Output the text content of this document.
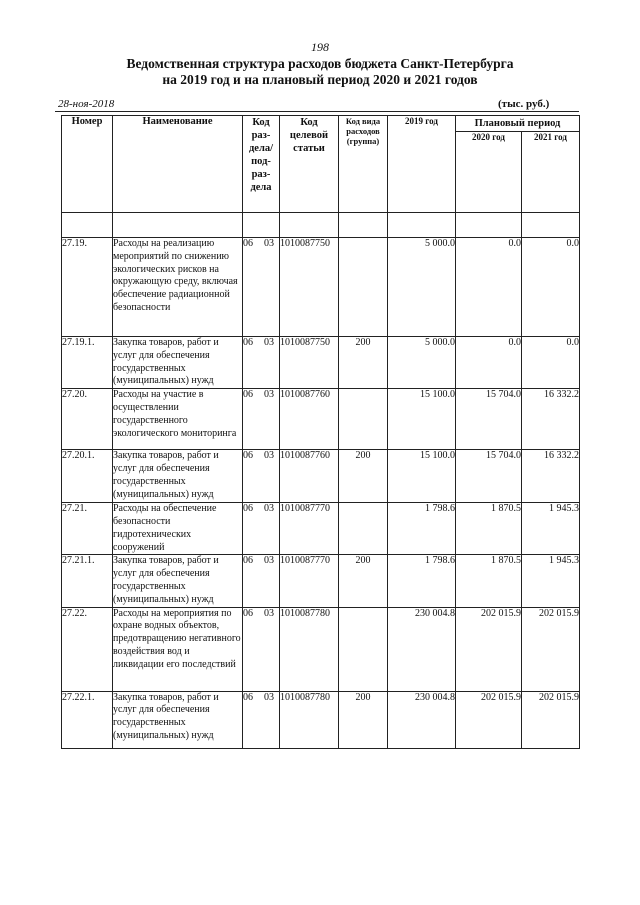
198
Ведомственная структура расходов бюджета Санкт-Петербурга
на 2019 год и на плановый период 2020 и 2021 годов
28-ноя-2018	(тыс. руб.)
Номер	Наименование	Код раз- дела/ под- раз- дела	Код целевой статьи	Код вида расходов (группа)	2019 год	Плановый период	
						2020 год	2021 год

27.19.	Расходы на реализацию мероприятий по снижению экологических рисков на окружающую среду, включая обеспечение радиационной безопасности	06 03	1010087750		5 000.0	0.0	0.0
27.19.1.	Закупка товаров, работ и услуг для обеспечения государственных (муниципальных) нужд	06 03	1010087750	200	5 000.0	0.0	0.0
27.20.	Расходы на участие в осуществлении государственного экологического мониторинга	06 03	1010087760		15 100.0	15 704.0	16 332.2
27.20.1.	Закупка товаров, работ и услуг для обеспечения государственных (муниципальных) нужд	06 03	1010087760	200	15 100.0	15 704.0	16 332.2
27.21.	Расходы на обеспечение безопасности гидротехнических сооружений	06 03	1010087770		1 798.6	1 870.5	1 945.3
27.21.1.	Закупка товаров, работ и услуг для обеспечения государственных (муниципальных) нужд	06 03	1010087770	200	1 798.6	1 870.5	1 945.3
27.22.	Расходы на мероприятия по охране водных объектов, предотвращению негативного воздействия вод и ликвидации его последствий	06 03	1010087780		230 004.8	202 015.9	202 015.9
27.22.1.	Закупка товаров, работ и услуг для обеспечения государственных (муниципальных) нужд	06 03	1010087780	200	230 004.8	202 015.9	202 015.9
